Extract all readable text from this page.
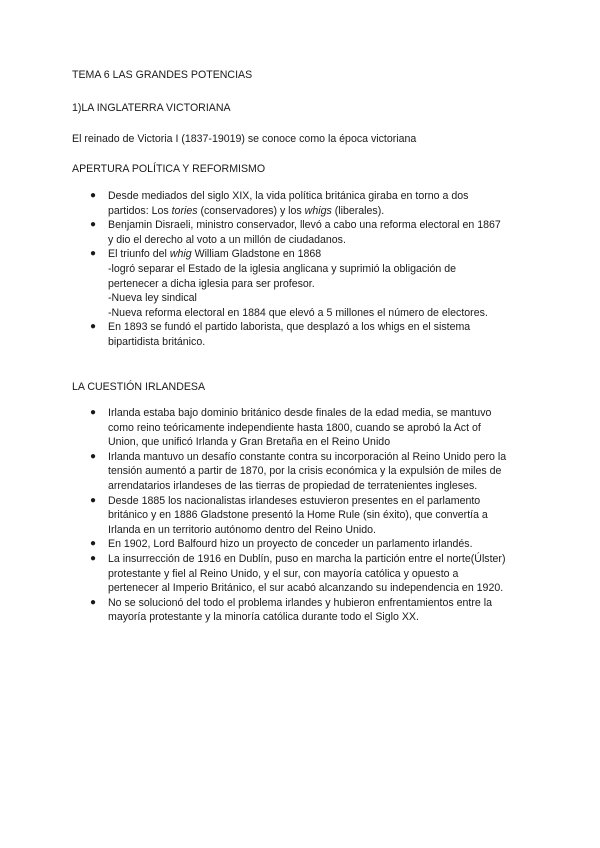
TEMA 6 LAS GRANDES POTENCIAS

1)LA INGLATERRA VICTORIANA

El reinado de Victoria I (1837-19019) se conoce como la época victoriana

APERTURA POLÍTICA Y REFORMISMO

●	Desde mediados del siglo XIX, la vida política británica giraba en torno a dos
partidos: Los tories (conservadores) y los whigs (liberales).
●	Benjamin Disraeli, ministro conservador, llevó a cabo una reforma electoral en 1867
y dio el derecho al voto a un millón de ciudadanos.
●	El triunfo del whig William Gladstone en 1868
-logró separar el Estado de la iglesia anglicana y suprimió la obligación de
pertenecer a dicha iglesia para ser profesor.
-Nueva ley sindical
-Nueva reforma electoral en 1884 que elevó a 5 millones el número de electores.
●	En 1893 se fundó el partido laborista, que desplazó a los whigs en el sistema
bipartidista británico.

LA CUESTIÓN IRLANDESA

●	Irlanda estaba bajo dominio británico desde finales de la edad media, se mantuvo
como reino teóricamente independiente hasta 1800, cuando se aprobó la Act of
Union, que unificó Irlanda y Gran Bretaña en el Reino Unido
●	Irlanda mantuvo un desafío constante contra su incorporación al Reino Unido pero la
tensión aumentó a partir de 1870, por la crisis económica y la expulsión de miles de
arrendatarios irlandeses de las tierras de propiedad de terratenientes ingleses.
●	Desde 1885 los nacionalistas irlandeses estuvieron presentes en el parlamento
británico y en 1886 Gladstone presentó la Home Rule (sin éxito), que convertía a
Irlanda en un territorio autónomo dentro del Reino Unido.
●	En 1902, Lord Balfourd hizo un proyecto de conceder un parlamento irlandés.
●	La insurrección de 1916 en Dublín, puso en marcha la partición entre el norte(Úlster)
protestante y fiel al Reino Unido, y el sur, con mayoría católica y opuesto a
pertenecer al Imperio Británico, el sur acabó alcanzando su independencia en 1920.
●	No se solucionó del todo el problema irlandes y hubieron enfrentamientos entre la
mayoría protestante y la minoría católica durante todo el Siglo XX.
